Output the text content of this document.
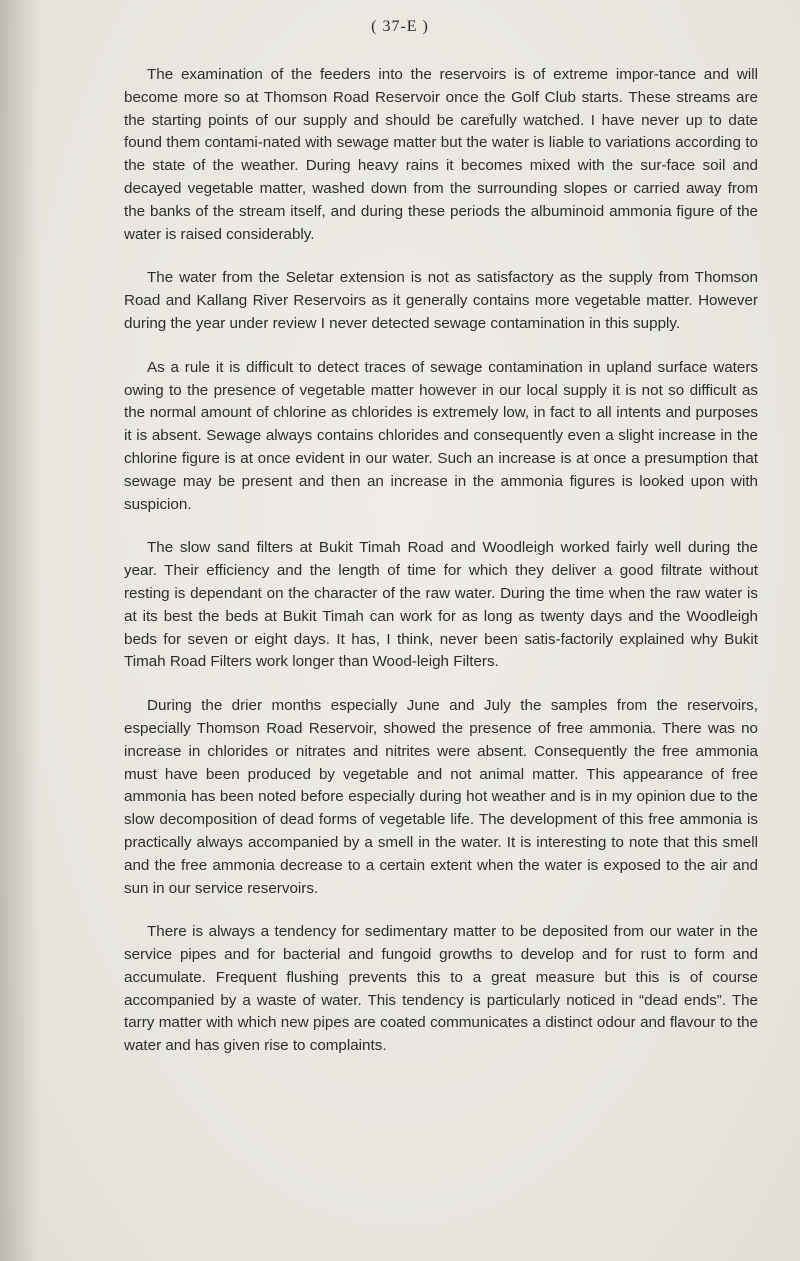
( 37-E )

The examination of the feeders into the reservoirs is of extreme impor-tance and will become more so at Thomson Road Reservoir once the Golf Club starts. These streams are the starting points of our supply and should be carefully watched. I have never up to date found them contami-nated with sewage matter but the water is liable to variations according to the state of the weather. During heavy rains it becomes mixed with the sur-face soil and decayed vegetable matter, washed down from the surrounding slopes or carried away from the banks of the stream itself, and during these periods the albuminoid ammonia figure of the water is raised considerably.

The water from the Seletar extension is not as satisfactory as the supply from Thomson Road and Kallang River Reservoirs as it generally contains more vegetable matter. However during the year under review I never detected sewage contamination in this supply.

As a rule it is difficult to detect traces of sewage contamination in upland surface waters owing to the presence of vegetable matter however in our local supply it is not so difficult as the normal amount of chlorine as chlorides is extremely low, in fact to all intents and purposes it is absent. Sewage always contains chlorides and consequently even a slight increase in the chlorine figure is at once evident in our water. Such an increase is at once a presumption that sewage may be present and then an increase in the ammonia figures is looked upon with suspicion.

The slow sand filters at Bukit Timah Road and Woodleigh worked fairly well during the year. Their efficiency and the length of time for which they deliver a good filtrate without resting is dependant on the character of the raw water. During the time when the raw water is at its best the beds at Bukit Timah can work for as long as twenty days and the Woodleigh beds for seven or eight days. It has, I think, never been satis-factorily explained why Bukit Timah Road Filters work longer than Wood-leigh Filters.

During the drier months especially June and July the samples from the reservoirs, especially Thomson Road Reservoir, showed the presence of free ammonia. There was no increase in chlorides or nitrates and nitrites were absent. Consequently the free ammonia must have been produced by vegetable and not animal matter. This appearance of free ammonia has been noted before especially during hot weather and is in my opinion due to the slow decomposition of dead forms of vegetable life. The development of this free ammonia is practically always accompanied by a smell in the water. It is interesting to note that this smell and the free ammonia decrease to a certain extent when the water is exposed to the air and sun in our service reservoirs.

There is always a tendency for sedimentary matter to be deposited from our water in the service pipes and for bacterial and fungoid growths to develop and for rust to form and accumulate. Frequent flushing prevents this to a great measure but this is of course accompanied by a waste of water. This tendency is particularly noticed in “dead ends”. The tarry matter with which new pipes are coated communicates a distinct odour and flavour to the water and has given rise to complaints.
